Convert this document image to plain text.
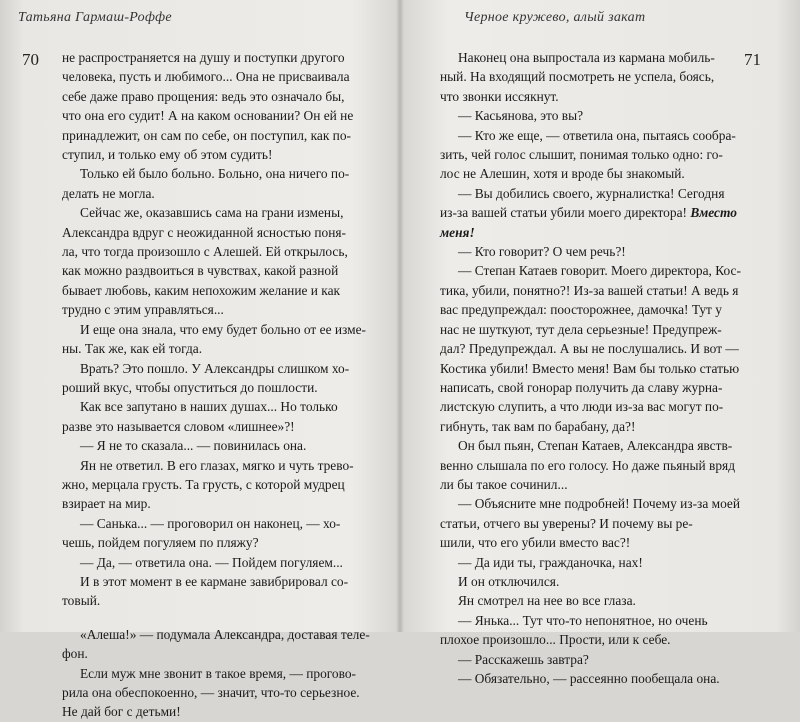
Татьяна Гармаш-Роффе
70 не распространяется на душу и поступки другого

человека, пусть и любимого... Она не присваивала

себе даже право прощения: ведь это означало бы,

что она его судит! А на каком основании? Он ей не

принадлежит, он сам по себе, он поступил, как по-

ступил, и только ему об этом судить!

Только ей было больно. Больно, она ничего по-

делать не могла.

Сейчас же, оказавшись сама на грани измены,

Александра вдруг с неожиданной ясностью поня-

ла, что тогда произошло с Алешей. Ей открылось,

как можно раздвоиться в чувствах, какой разной

бывает любовь, каким непохожим желание и как

трудно с этим управляться...

И еще она знала, что ему будет больно от ее изме-

ны. Так же, как ей тогда.

Врать? Это пошло. У Александры слишком хо-

роший вкус, чтобы опуститься до пошлости.

Как все запутано в наших душах... Но только

разве это называется словом «лишнее»?!

— Я не то сказала... — повинилась она.

Ян не ответил. В его глазах, мягко и чуть трево-

жно, мерцала грусть. Та грусть, с которой мудрец

взирает на мир.

— Санька... — проговорил он наконец, — хо-

чешь, пойдем погуляем по пляжу?

— Да, — ответила она. — Пойдем погуляем...

И в этот момент в ее кармане завибрировал со-

товый.

«Алеша!» — подумала Александра, доставая теле-

фон.

Если муж мне звонит в такое время, — прогово-

рила она обеспокоенно, — значит, что-то серьезное.

Не дай бог с детьми!

Черное кружево, алый закат
71

Наконец она выпростала из кармана мобиль-

ный. На входящий посмотреть не успела, боясь,

что звонки иссякнут.

— Касьянова, это вы?

— Кто же еще, — ответила она, пытаясь сообра-

зить, чей голос слышит, понимая только одно: го-

лос не Алешин, хотя и вроде бы знакомый.

— Вы добились своего, журналистка! Сегодня

из-за вашей статьи убили моего директора! Вместо

меня!

— Кто говорит? О чем речь?!

— Степан Катаев говорит. Моего директора, Кос-

тика, убили, понятно?! Из-за вашей статьи! А ведь я

вас предупреждал: поосторожнее, дамочка! Тут у

нас не шуткуют, тут дела серьезные! Предупреж-

дал? Предупреждал. А вы не послушались. И вот —

Костика убили! Вместо меня! Вам бы только статью

написать, свой гонорар получить да славу журна-

листскую слупить, а что люди из-за вас могут по-

гибнуть, так вам по барабану, да?!

Он был пьян, Степан Катаев, Александра явств-

венно слышала по его голосу. Но даже пьяный вряд

ли бы такое сочинил...

— Объясните мне подробней! Почему из-за моей

статьи, отчего вы уверены? И почему вы ре-

шили, что его убили вместо вас?!

— Да иди ты, гражданочка, нах!

И он отключился.

Ян смотрел на нее во все глаза.

— Янька... Тут что-то непонятное, но очень

плохое произошло... Прости, или к себе.

— Расскажешь завтра?

— Обязательно, — рассеянно пообещала она.
